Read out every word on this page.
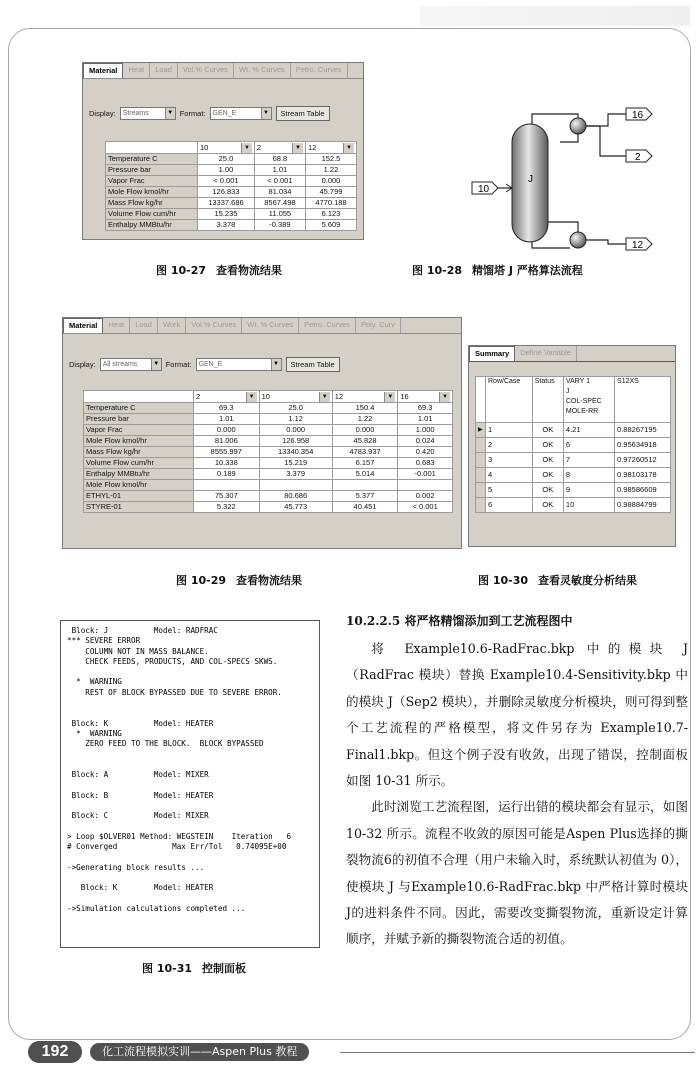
Material	Heat	Load	Vol.% Curves	Wt. % Curves	Petro. Curves
Display: Streams	▼ Format: GEN_E	▼	Stream Table
	10 ▼	2 ▼	12 ▼

Temperature C	25.0	68.8	152.5
Pressure bar	1.00	1.01	1.22
Vapor Frac	< 0.001	< 0.001	0.000
Mole Flow kmol/hr	126.833	81.034	45.799
Mass Flow kg/hr	13337.686	8567.498	4770.188
Volume Flow cum/hr	15.235	11.055	6.123
Enthalpy MMBtu/hr	3.378	-0.389	5.609
图 10-27 查看物流结果
J
16
2
10
12
图 10-28 精馏塔 J 严格算法流程
Material	Heat	Load	Work	Vol.% Curves	Wt. % Curves	Petro. Curves	Poly. Curv
Display: All streams	▼ Format: GEN_E	▼	Stream Table
	2 ▼	10 ▼	12 ▼	16 ▼

Temperature C	69.3	25.0	150.4	69.3
Pressure bar	1.01	1.12	1.22	1.01
Vapor Frac	0.000	0.000	0.000	1.000
Mole Flow kmol/hr	81.006	126.958	45.828	0.024
Mass Flow kg/hr	8555.997	13340.354	4783.937	0.420
Volume Flow cum/hr	10.338	15.219	6.157	0.683
Enthalpy MMBtu/hr	0.189	3.379	5.014	-0.001
Mole Flow kmol/hr				
ETHYL-01	75.307	80.686	5.377	0.002
STYRE-01	5.322	45.773	40.451	< 0.001
图 10-29 查看物流结果
Summary	Define Variable
	Row/Case	Status	VARY 1
J
COL-SPEC
MOLE-RR	S12XS
▶	1	OK	4.21	0.88267195
	2	OK	6	0.95634918
	3	OK	7	0.97260512
	4	OK	8	0.98103178
	5	OK	9	0.98586609
	6	OK	10	0.98884799
图 10-30 查看灵敏度分析结果
Block: J          Model: RADFRAC
*** SEVERE ERROR
COLUMN NOT IN MASS BALANCE.
CHECK FEEDS, PRODUCTS, AND COL-SPECS SKWS.
*  WARNING
REST OF BLOCK BYPASSED DUE TO SEVERE ERROR.
Block: K          Model: HEATER
*  WARNING
ZERO FEED TO THE BLOCK.  BLOCK BYPASSED
Block: A          Model: MIXER
Block: B          Model: HEATER
Block: C          Model: MIXER
> Loop $OLVER01 Method: WEGSTEIN    Iteration   6
# Converged            Max Err/Tol   0.74095E+00
->Generating block results ...
Block: K        Model: HEATER
->Simulation calculations completed ...
图 10-31 控制面板
10.2.2.5 将严格精馏添加到工艺流程图中

将 Example10.6-RadFrac.bkp 中的模块 J（RadFrac 模块）替换 Example10.4-Sensitivity.bkp 中的模块 J（Sep2 模块），并删除灵敏度分析模块，则可得到整个工艺流程的严格模型，将文件另存为 Example10.7-Final1.bkp。但这个例子没有收敛，出现了错误，控制面板如图 10-31 所示。

此时浏览工艺流程图，运行出错的模块都会有显示，如图 10-32 所示。流程不收敛的原因可能是Aspen Plus选择的撕裂物流6的初值不合理（用户未输入时，系统默认初值为 0），使模块 J 与Example10.6-RadFrac.bkp 中严格计算时模块J的进料条件不同。因此，需要改变撕裂物流，重新设定计算顺序，并赋予新的撕裂物流合适的初值。

192	化工流程模拟实训——Aspen Plus 教程
